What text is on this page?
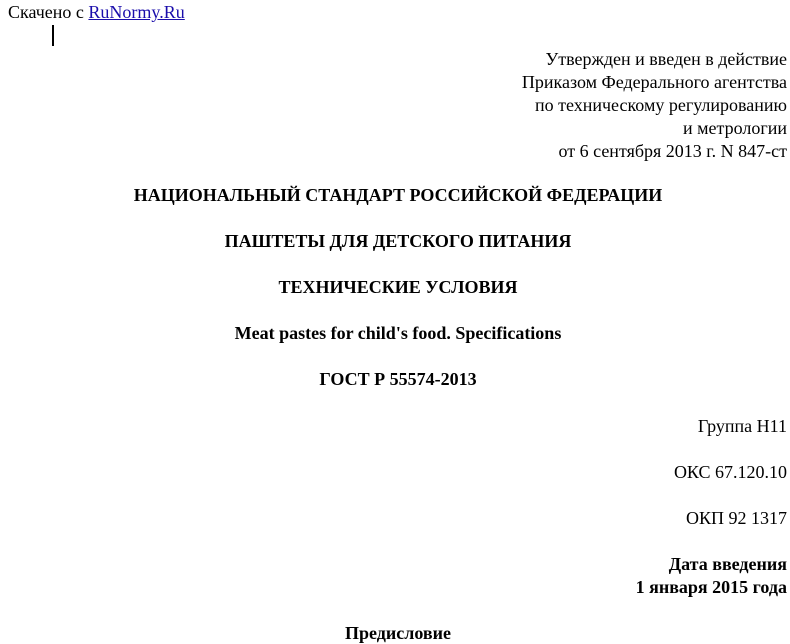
Скачено с RuNormy.Ru
Утвержден и введен в действие
Приказом Федерального агентства
по техническому регулированию
и метрологии
от 6 сентября 2013 г. N 847-ст
НАЦИОНАЛЬНЫЙ СТАНДАРТ РОССИЙСКОЙ ФЕДЕРАЦИИ
ПАШТЕТЫ ДЛЯ ДЕТСКОГО ПИТАНИЯ
ТЕХНИЧЕСКИЕ УСЛОВИЯ
Meat pastes for child's food. Specifications
ГОСТ Р 55574-2013
Группа Н11
ОКС 67.120.10
ОКП 92 1317
Дата введения
1 января 2015 года
Предисловие
